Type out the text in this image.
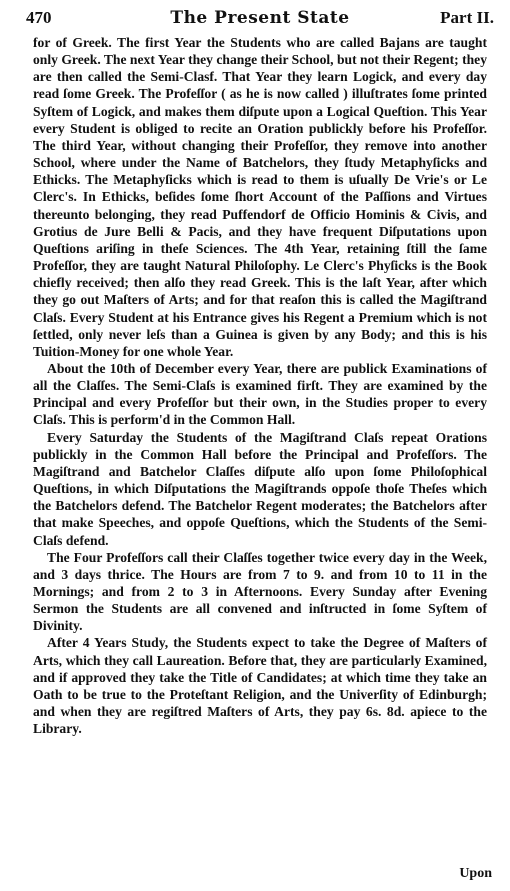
470	The Present State	Part II.

for of Greek. The first Year the Students who are called Bajans are taught only Greek. The next Year they change their School, but not their Regent; they are then called the Semi-Clasf. That Year they learn Logick, and every day read ſome Greek. The Profeſſor ( as he is now called ) illuſtrates ſome printed Syſtem of Logick, and makes them diſpute upon a Logical Queſtion. This Year every Student is obliged to recite an Oration publickly before his Profeſſor. The third Year, without changing their Profeſſor, they remove into another School, where under the Name of Batchelors, they ſtudy Metaphyſicks and Ethicks. The Metaphyſicks which is read to them is uſually De Vrie's or Le Clerc's. In Ethicks, beſides ſome ſhort Account of the Paſſions and Virtues thereunto belonging, they read Puffendorf de Officio Hominis & Civis, and Grotius de Jure Belli & Pacis, and they have frequent Diſputations upon Queſtions ariſing in theſe Sciences. The 4th Year, retaining ſtill the ſame Profeſſor, they are taught Natural Philoſophy. Le Clerc's Phyſicks is the Book chiefly received; then alſo they read Greek. This is the laſt Year, after which they go out Maſters of Arts; and for that reaſon this is called the Magiſtrand Claſs. Every Student at his Entrance gives his Regent a Premium which is not ſettled, only never leſs than a Guinea is given by any Body; and this is his Tuition-Money for one whole Year.

About the 10th of December every Year, there are publick Examinations of all the Claſſes. The Semi-Claſs is examined firſt. They are examined by the Principal and every Profeſſor but their own, in the Studies proper to every Claſs. This is perform'd in the Common Hall.

Every Saturday the Students of the Magiſtrand Claſs repeat Orations publickly in the Common Hall before the Principal and Profeſſors. The Magiſtrand and Batchelor Claſſes diſpute alſo upon ſome Philoſophical Queſtions, in which Diſputations the Magiſtrands oppoſe thoſe Theſes which the Batchelors defend. The Batchelor Regent moderates; the Batchelors after that make Speeches, and oppoſe Queſtions, which the Students of the Semi-Claſs defend.

The Four Profeſſors call their Claſſes together twice every day in the Week, and 3 days thrice. The Hours are from 7 to 9. and from 10 to 11 in the Mornings; and from 2 to 3 in Afternoons. Every Sunday after Evening Sermon the Students are all convened and inſtructed in ſome Syſtem of Divinity.

After 4 Years Study, the Students expect to take the Degree of Maſters of Arts, which they call Laureation. Before that, they are particularly Examined, and if approved they take the Title of Candidates; at which time they take an Oath to be true to the Proteſtant Religion, and the Univerſity of Edinburgh; and when they are regiſtred Maſters of Arts, they pay 6s. 8d. apiece to the Library.

Upon
